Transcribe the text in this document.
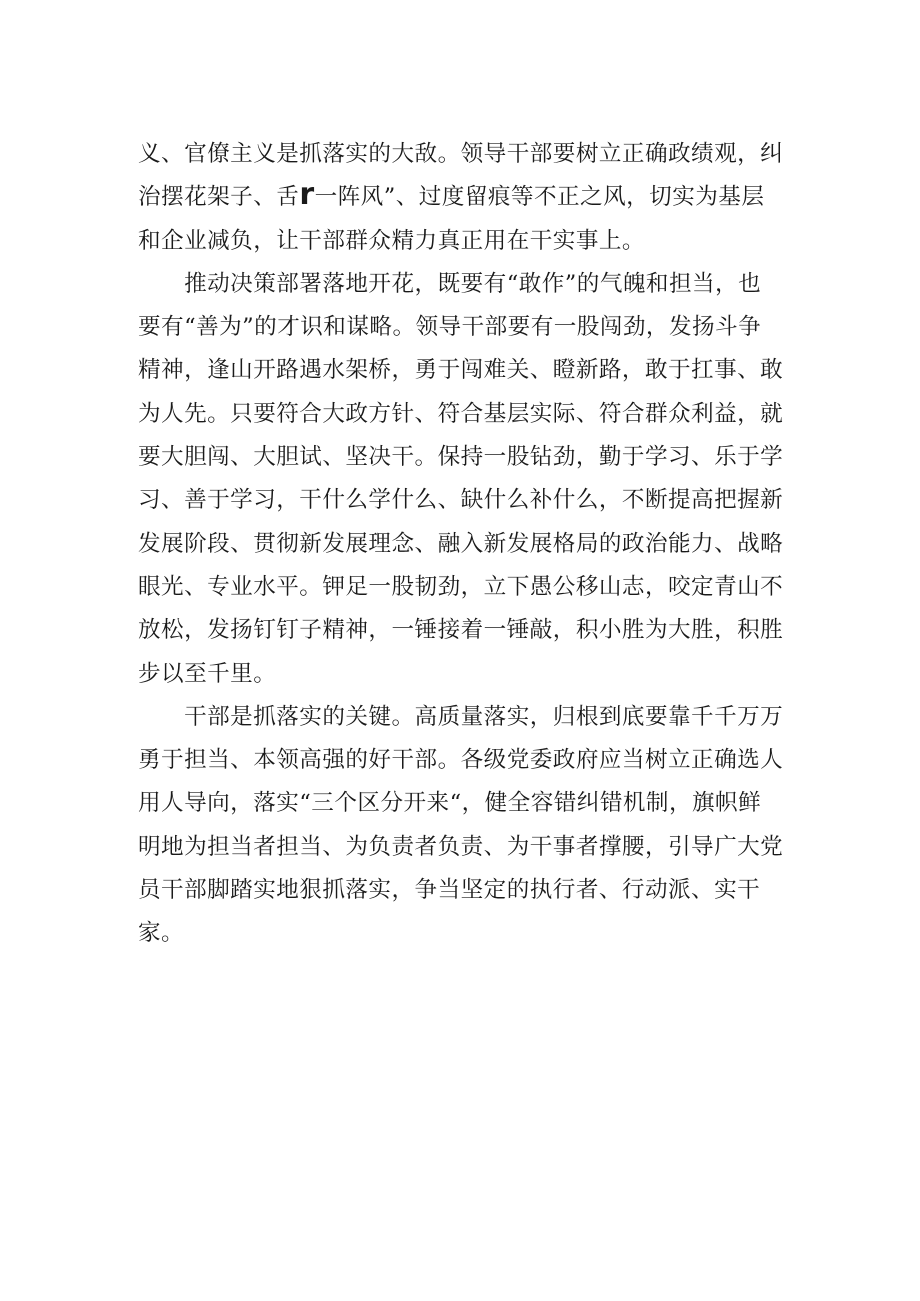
义、官僚主义是抓落实的大敌。领导干部要树立正确政绩观，纠
治摆花架子、舌r一阵风”、过度留痕等不正之风，切实为基层
和企业减负，让干部群众精力真正用在干实事上。
　　推动决策部署落地开花，既要有“敢作”的气魄和担当，也
要有“善为”的才识和谋略。领导干部要有一股闯劲，发扬斗争
精神，逢山开路遇水架桥，勇于闯难关、瞪新路，敢于扛事、敢
为人先。只要符合大政方针、符合基层实际、符合群众利益，就
要大胆闯、大胆试、坚决干。保持一股钻劲，勤于学习、乐于学
习、善于学习，干什么学什么、缺什么补什么，不断提高把握新
发展阶段、贯彻新发展理念、融入新发展格局的政治能力、战略
眼光、专业水平。钾足一股韧劲，立下愚公移山志，咬定青山不
放松，发扬钉钉子精神，一锤接着一锤敲，积小胜为大胜，积胜
步以至千里。
　　干部是抓落实的关键。高质量落实，归根到底要靠千千万万
勇于担当、本领高强的好干部。各级党委政府应当树立正确选人
用人导向，落实“三个区分开来“，健全容错纠错机制，旗帜鲜
明地为担当者担当、为负责者负责、为干事者撑腰，引导广大党
员干部脚踏实地狠抓落实，争当坚定的执行者、行动派、实干
家。
